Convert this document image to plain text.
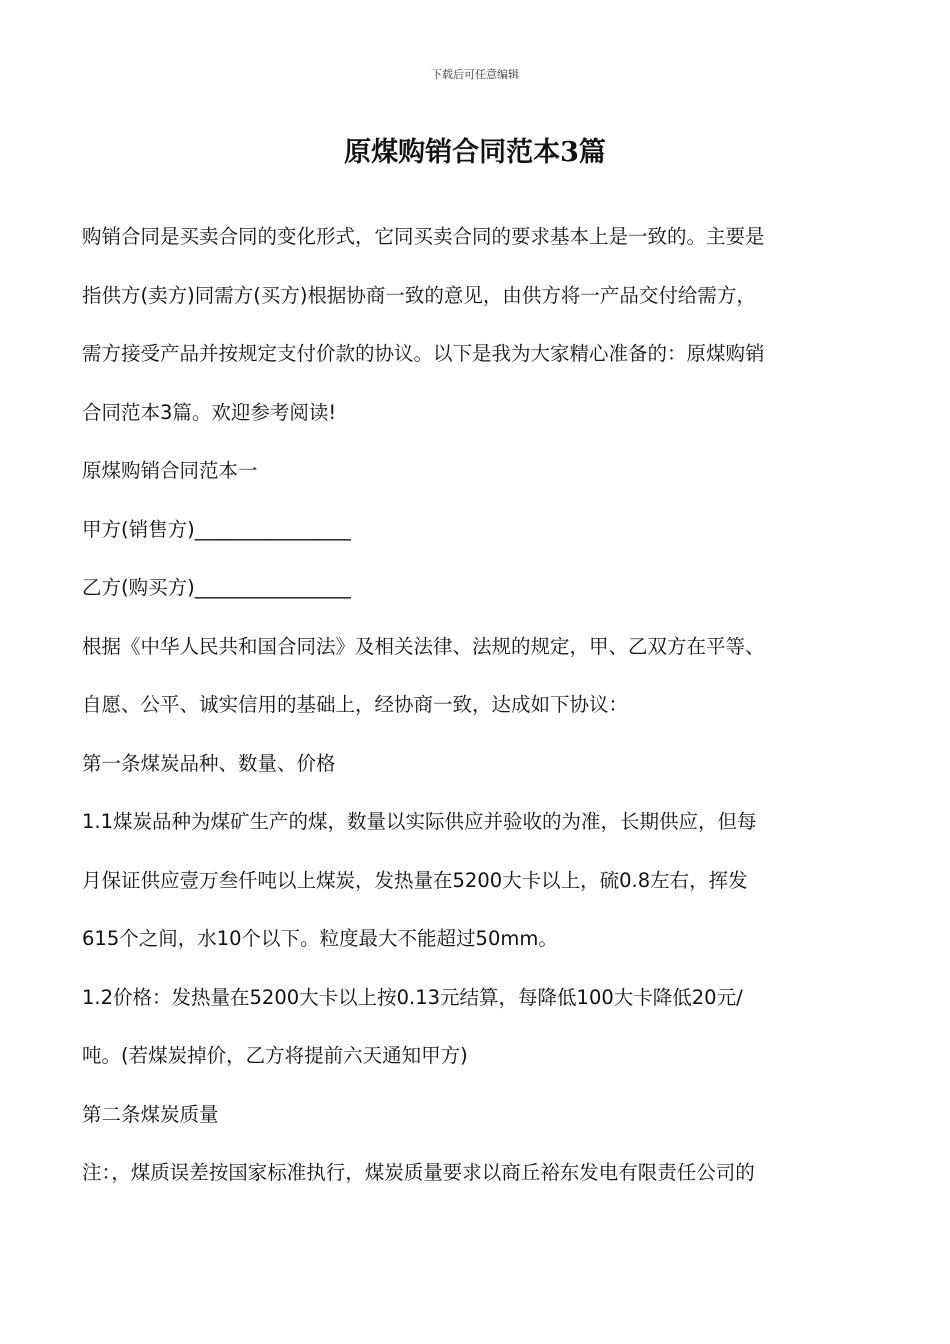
下载后可任意编辑
原煤购销合同范本3篇
购销合同是买卖合同的变化形式，它同买卖合同的要求基本上是一致的。主要是
指供方(卖方)同需方(买方)根据协商一致的意见，由供方将一产品交付给需方，
需方接受产品并按规定支付价款的协议。以下是我为大家精心准备的：原煤购销
合同范本3篇。欢迎参考阅读!
原煤购销合同范本一
甲方(销售方)________________
乙方(购买方)________________
根据《中华人民共和国合同法》及相关法律、法规的规定，甲、乙双方在平等、
自愿、公平、诚实信用的基础上，经协商一致，达成如下协议：
第一条煤炭品种、数量、价格
1.1煤炭品种为煤矿生产的煤，数量以实际供应并验收的为准，长期供应，但每
月保证供应壹万叁仟吨以上煤炭，发热量在5200大卡以上，硫0.8左右，挥发
615个之间，水10个以下。粒度最大不能超过50mm。
1.2价格：发热量在5200大卡以上按0.13元结算，每降低100大卡降低20元/
吨。(若煤炭掉价，乙方将提前六天通知甲方)
第二条煤炭质量
注：，煤质误差按国家标准执行，煤炭质量要求以商丘裕东发电有限责任公司的
